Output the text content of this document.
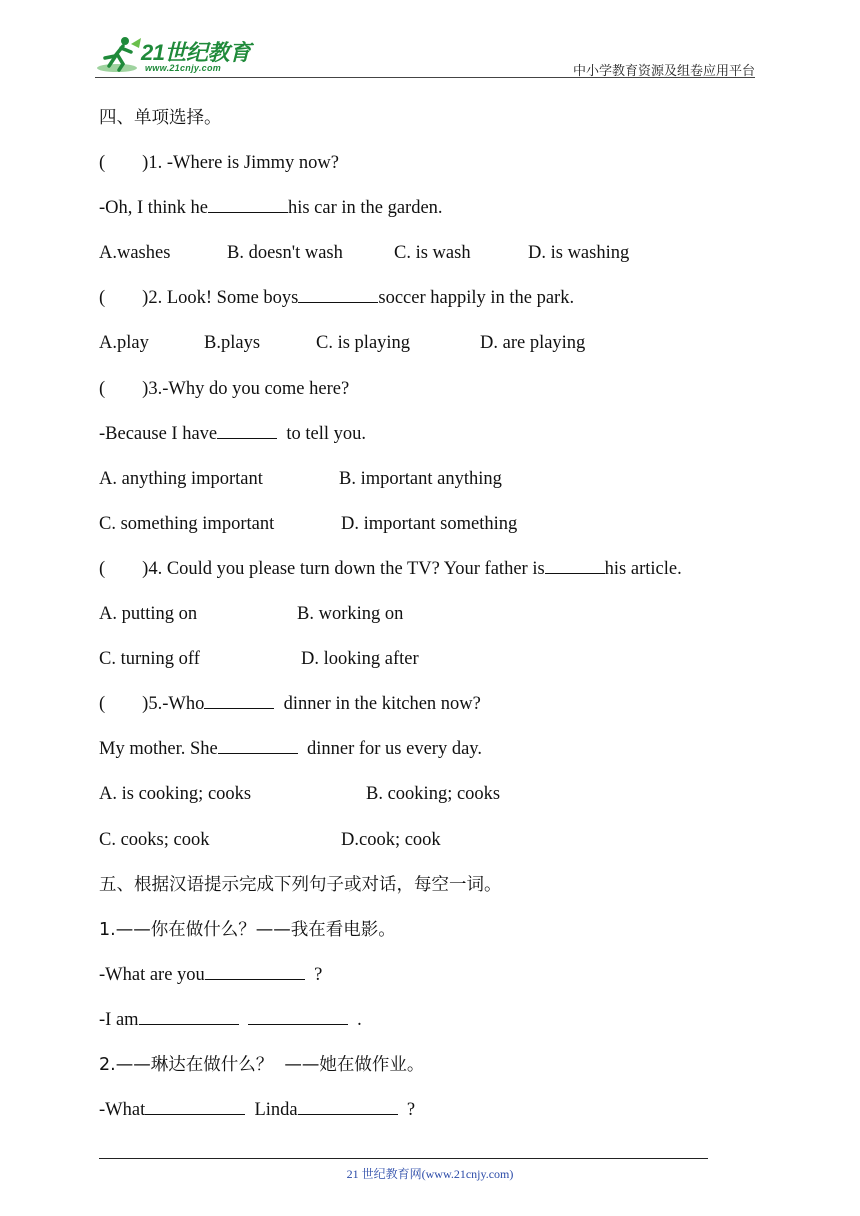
21世纪教育
www.21cnjy.com	中小学教育资源及组卷应用平台
四、单项选择。
(        )1. -Where is Jimmy now?
-Oh, I think he	his car in the garden.
A.washes	B. doesn't wash	C. is wash	D. is washing
(        )2. Look! Some boys	soccer happily in the park.
A.play	B.plays	C. is playing	D. are playing
(        )3.-Why do you come here?
-Because I have	to tell you.
A. anything important	B. important anything
C. something important	D. important something
(        )4. Could you please turn down the TV? Your father is	his article.
A. putting on	B. working on
C. turning off	D. looking after
(        )5.-Who	dinner in the kitchen now?
My mother. She	dinner for us every day.
A. is cooking; cooks	B. cooking; cooks
C. cooks; cook	D.cook; cook
五、根据汉语提示完成下列句子或对话，每空一词。
1.——你在做什么？——我在看电影。
-What are you	?
-I am	.
2.——琳达在做什么？  ——她在做作业。
-What	Linda	?
21 世纪教育网(www.21cnjy.com)
